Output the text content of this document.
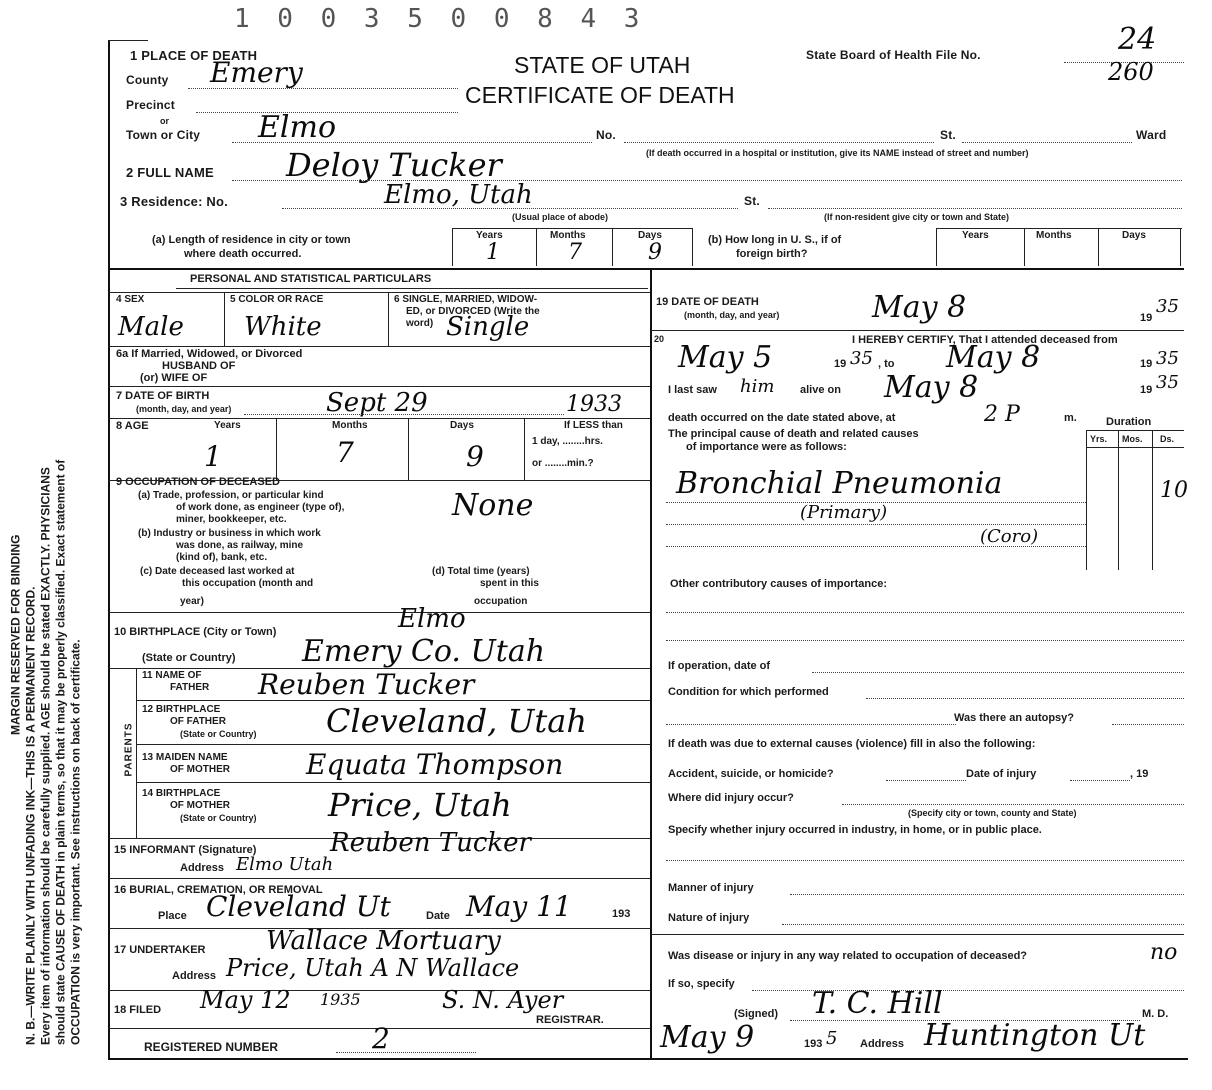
1 0 0 3 5 0 0 8 4 3
MARGIN RESERVED FOR BINDING N. B.—WRITE PLAINLY WITH UNFADING INK—THIS IS A PERMANENT RECORD. Every item of information should be carefully supplied. AGE should be stated EXACTLY. PHYSICIANS should state CAUSE OF DEATH in plain terms, so that it may be properly classified. Exact statement of OCCUPATION is very important. See instructions on back of certificate.
STATE OF UTAH
CERTIFICATE OF DEATH
State Board of Health File No.	24
260
1 PLACE OF DEATH
County Emery
Precinct
or
Town or City Elmo	No.	St.	Ward
(If death occurred in a hospital or institution, give its NAME instead of street and number)
2 FULL NAME Deloy Tucker
3 Residence: No.	Elmo, Utah	St.
(Usual place of abode)	(If non-resident give city or town and State)
(a) Length of residence in city or town
where death occurred.
Years	Months	Days
1	7	9	(b) How long in U. S., if of
foreign birth?
Years	Months	Days
PERSONAL AND STATISTICAL PARTICULARS
4 SEX	5 COLOR OR RACE	6 SINGLE, MARRIED, WIDOW-
ED, or DIVORCED (Write the
word)
Male White	Single
6a If Married, Widowed, or Divorced
HUSBAND OF
(or) WIFE OF
7 DATE OF BIRTH
(month, day, and year)	Sept 29	1933
8 AGE	Years	Months	Days	If LESS than
1 day, ........hrs.
or ........min.?
1	7	9
9 OCCUPATION OF DECEASED
(a) Trade, profession, or particular kind
of work done, as engineer (type of),
miner, bookkeeper, etc.	None
(b) Industry or business in which work
was done, as railway, mine
(kind of), bank, etc.
(c) Date deceased last worked at
this occupation (month and
year)
(d) Total time (years)
spent in this
occupation
10 BIRTHPLACE (City or Town)	Elmo
(State or Country) Emery Co. Utah
PARENTS
11 NAME OF
FATHER Reuben Tucker
12 BIRTHPLACE
OF FATHER
(State or Country) Cleveland, Utah
13 MAIDEN NAME
OF MOTHER	Equata Thompson
14 BIRTHPLACE
OF MOTHER
(State or Country) Price, Utah
15 INFORMANT (Signature)	Reuben Tucker
Address Elmo Utah
16 BURIAL, CREMATION, OR REMOVAL
Place Cleveland Ut	Date May 11	193
17 UNDERTAKER Wallace Mortuary
Address Price, Utah A N Wallace
18 FILED May 12 1935	S. N. Ayer
REGISTRAR.
REGISTERED NUMBER	2
19 DATE OF DEATH
(month, day, and year)	May 8	19
35
20	I HEREBY CERTIFY, That I attended deceased from
May 5	19 35 , to May 8	19 35
I last saw him alive on May 8	19 35
death occurred on the date stated above, at	2 P	m.	Duration
The principal cause of death and related causes
of importance were as follows:
Yrs. Mos. Ds.
Bronchial Pneumonia	10
(Primary)
(Coro)
Other contributory causes of importance:
If operation, date of
Condition for which performed
Was there an autopsy?
If death was due to external causes (violence) fill in also the following:
Accident, suicide, or homicide?	Date of injury	, 19
Where did injury occur?
(Specify city or town, county and State)
Specify whether injury occurred in industry, in home, or in public place.
Manner of injury
Nature of injury
Was disease or injury in any way related to occupation of deceased?	no
If so, specify
(Signed) T. C. Hill	M. D.
May 9	193 5 Address Huntington Ut
